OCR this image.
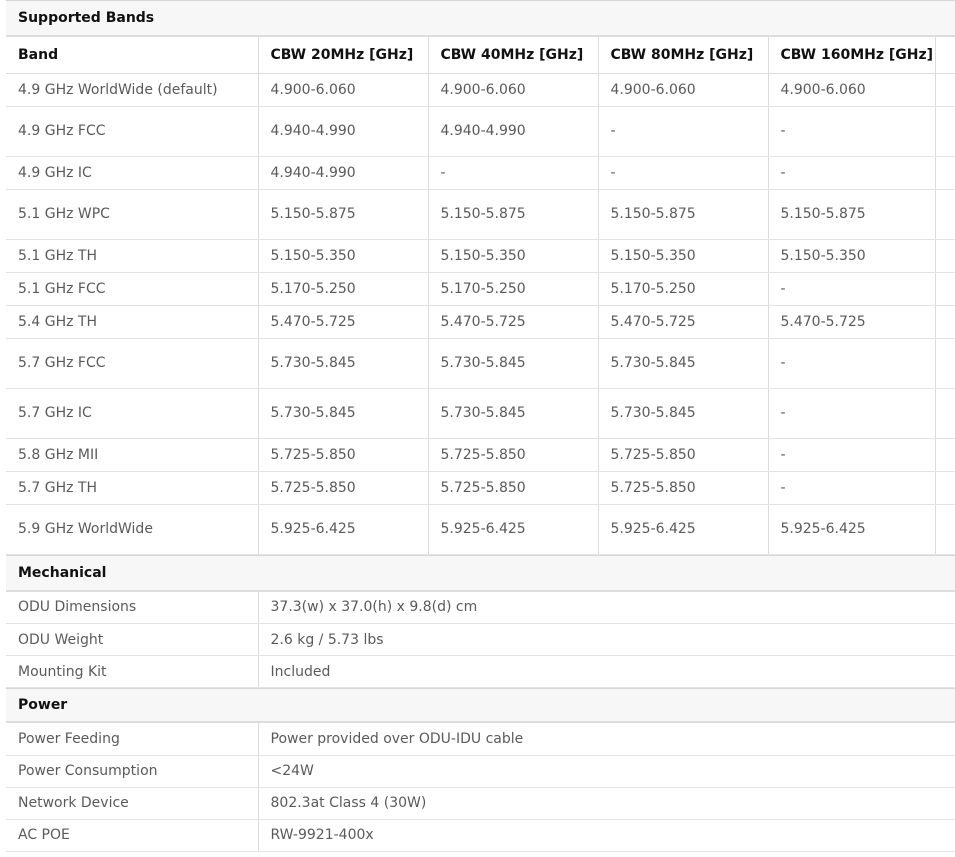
Supported Bands
Band	CBW 20MHz [GHz]	CBW 40MHz [GHz]	CBW 80MHz [GHz]	CBW 160MHz [GHz]	
4.9 GHz WorldWide (default)	4.900-6.060	4.900-6.060	4.900-6.060	4.900-6.060	
4.9 GHz FCC	4.940-4.990	4.940-4.990	-	-	
4.9 GHz IC	4.940-4.990	-	-	-	
5.1 GHz WPC	5.150-5.875	5.150-5.875	5.150-5.875	5.150-5.875	
5.1 GHz TH	5.150-5.350	5.150-5.350	5.150-5.350	5.150-5.350	
5.1 GHz FCC	5.170-5.250	5.170-5.250	5.170-5.250	-	
5.4 GHz TH	5.470-5.725	5.470-5.725	5.470-5.725	5.470-5.725	
5.7 GHz FCC	5.730-5.845	5.730-5.845	5.730-5.845	-	
5.7 GHz IC	5.730-5.845	5.730-5.845	5.730-5.845	-	
5.8 GHz MII	5.725-5.850	5.725-5.850	5.725-5.850	-	
5.7 GHz TH	5.725-5.850	5.725-5.850	5.725-5.850	-	
5.9 GHz WorldWide	5.925-6.425	5.925-6.425	5.925-6.425	5.925-6.425	
Mechanical
ODU Dimensions	37.3(w) x 37.0(h) x 9.8(d) cm
ODU Weight	2.6 kg / 5.73 lbs
Mounting Kit	Included
Power
Power Feeding	Power provided over ODU-IDU cable
Power Consumption	<24W
Network Device	802.3at Class 4 (30W)
AC POE	RW-9921-400x
